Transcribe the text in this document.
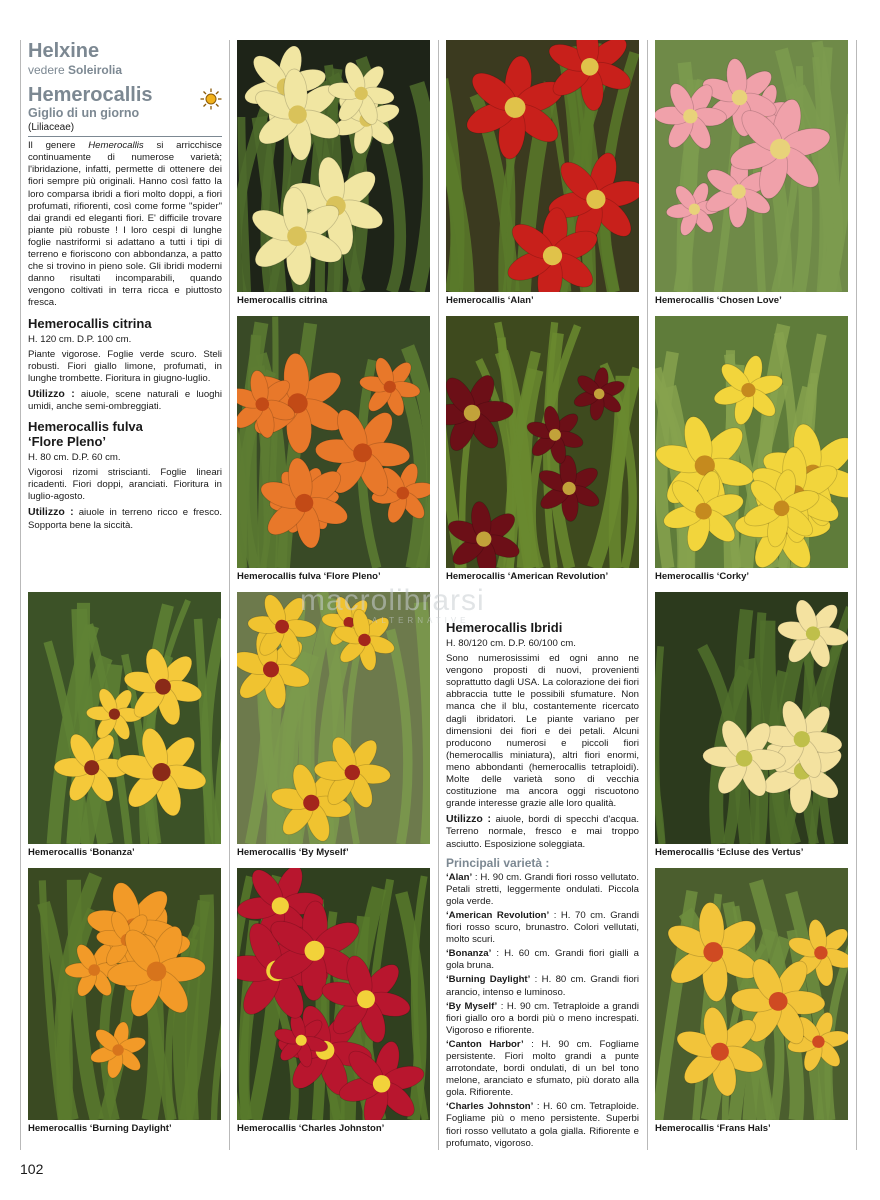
Helxine
vedere Soleirolia
Hemerocallis
Giglio di un giorno
(Liliaceae)
Il genere Hemerocallis si arricchisce continuamente di numerose varietà; l'ibridazione, infatti, permette di ottenere dei fiori sempre più originali. Hanno così fatto la loro comparsa ibridi a fiori molto doppi, a fiori profumati, rifiorenti, così come forme "spider" dai grandi ed eleganti fiori. E' difficile trovare piante più robuste ! I loro cespi di lunghe foglie nastriformi si adattano a tutti i tipi di terreno e fioriscono con abbondanza, a patto che si trovino in pieno sole. Gli ibridi moderni danno risultati incomparabili, quando vengono coltivati in terra ricca e piuttosto fresca.
Hemerocallis citrina
H. 120 cm. D.P. 100 cm.
Piante vigorose. Foglie verde scuro. Steli robusti. Fiori giallo limone, profumati, in lunghe trombette. Fioritura in giugno-luglio.
Utilizzo : aiuole, scene naturali e luoghi umidi, anche semi-ombreggiati.
Hemerocallis fulva
‘Flore Pleno’
H. 80 cm. D.P. 60 cm.
Vigorosi rizomi striscianti. Foglie lineari ricadenti. Fiori doppi, aranciati. Fioritura in luglio-agosto.
Utilizzo : aiuole in terreno ricco e fresco. Sopporta bene la siccità.
Hemerocallis Ibridi
H. 80/120 cm. D.P. 60/100 cm.
Sono numerosissimi ed ogni anno ne vengono proposti di nuovi, provenienti soprattutto dagli USA. La colorazione dei fiori abbraccia tutte le possibili sfumature. Non manca che il blu, costantemente ricercato dagli ibridatori. Le piante variano per dimensioni dei fiori e dei petali. Alcuni producono numerosi e piccoli fiori (hemerocallis miniatura), altri fiori enormi, meno abbondanti (hemerocallis tetraploidi). Molte delle varietà sono di vecchia costituzione ma ancora oggi riscuotono grande interesse grazie alle loro qualità.
Utilizzo : aiuole, bordi di specchi d'acqua. Terreno normale, fresco e mai troppo asciutto. Esposizione soleggiata.
Principali varietà :
‘Alan’ : H. 90 cm. Grandi fiori rosso vellutato. Petali stretti, leggermente ondulati. Piccola gola verde.
‘American Revolution’ : H. 70 cm. Grandi fiori rosso scuro, brunastro. Colori vellutati, molto scuri.
‘Bonanza’ : H. 60 cm. Grandi fiori gialli a gola bruna.
‘Burning Daylight’ : H. 80 cm. Grandi fiori arancio, intenso e luminoso.
‘By Myself’ : H. 90 cm. Tetraploide a grandi fiori giallo oro a bordi più o meno increspati. Vigoroso e rifiorente.
‘Canton Harbor’ : H. 90 cm. Fogliame persistente. Fiori molto grandi a punte arrotondate, bordi ondulati, di un bel tono melone, aranciato e sfumato, più dorato alla gola. Rifiorente.
‘Charles Johnston’ : H. 60 cm. Tetraploide. Fogliame più o meno persistente. Superbi fiori rosso vellutato a gola gialla. Rifiorente e profumato, vigoroso.
Hemerocallis citrina	Hemerocallis ‘Alan’	Hemerocallis ‘Chosen Love’
Hemerocallis fulva ‘Flore Pleno’	Hemerocallis ‘American Revolution’	Hemerocallis ‘Corky’
Hemerocallis ‘Bonanza’	Hemerocallis ‘By Myself’	Hemerocallis ‘Ecluse des Vertus’
Hemerocallis ‘Burning Daylight’	Hemerocallis ‘Charles Johnston’	Hemerocallis ‘Frans Hals’
macrolibrarsi
ALTERNATIVE
102
